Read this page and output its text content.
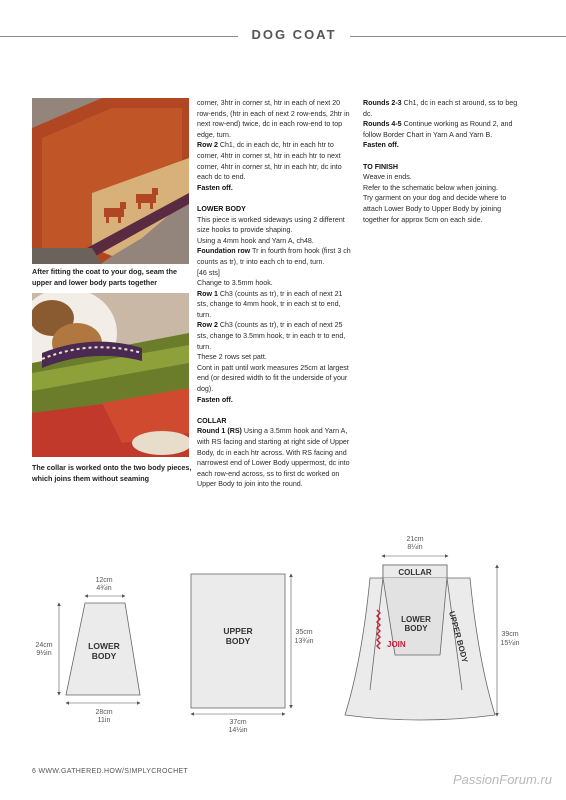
DOG COAT
After fitting the coat to your dog, seam the upper and lower body parts together
The collar is worked onto the two body pieces, which joins them without seaming

corner, 3htr in corner st, htr in each of next 20 row-ends, (htr in each of next 2 row-ends, 2htr in next row-end) twice, dc in each row-end to top edge, turn.

Row 2 Ch1, dc in each dc, htr in each htr to corner, 4htr in corner st, htr in each htr to next corner, 4htr in corner st, htr in each htr, dc into each dc to end.

Fasten off.

LOWER BODY

This piece is worked sideways using 2 different size hooks to provide shaping.

Using a 4mm hook and Yarn A, ch48.

Foundation row Tr in fourth from hook (first 3 ch counts as tr), tr into each ch to end, turn.

[46 sts]

Change to 3.5mm hook.

Row 1 Ch3 (counts as tr), tr in each of next 21 sts, change to 4mm hook, tr in each st to end, turn.

Row 2 Ch3 (counts as tr), tr in each of next 25 sts, change to 3.5mm hook, tr in each tr to end, turn.

These 2 rows set patt.

Cont in patt until work measures 25cm at largest end (or desired width to fit the underside of your dog).

Fasten off.

COLLAR

Round 1 (RS) Using a 3.5mm hook and Yarn A, with RS facing and starting at right side of Upper Body, dc in each htr across. With RS facing and narrowest end of Lower Body uppermost, dc into each row-end across, ss to first dc worked on Upper Body to join into the round.

Rounds 2-3 Ch1, dc in each st around, ss to beg dc.

Rounds 4-5 Continue working as Round 2, and follow Border Chart in Yarn A and Yarn B.

Fasten off.

TO FINISH

Weave in ends.

Refer to the schematic below when joining.

Try garment on your dog and decide where to attach Lower Body to Upper Body by joining together for approx 5cm on each side.

12cm
4¾in
24cm
9½in
28cm
11in
LOWER
BODY
35cm
13¾in
37cm
14½in
UPPER
BODY
21cm
8¼in
39cm
15¼in
COLLAR
LOWER
BODY UPPER BODY
JOIN
6 WWW.GATHERED.HOW/SIMPLYCROCHET
PassionForum.ru
